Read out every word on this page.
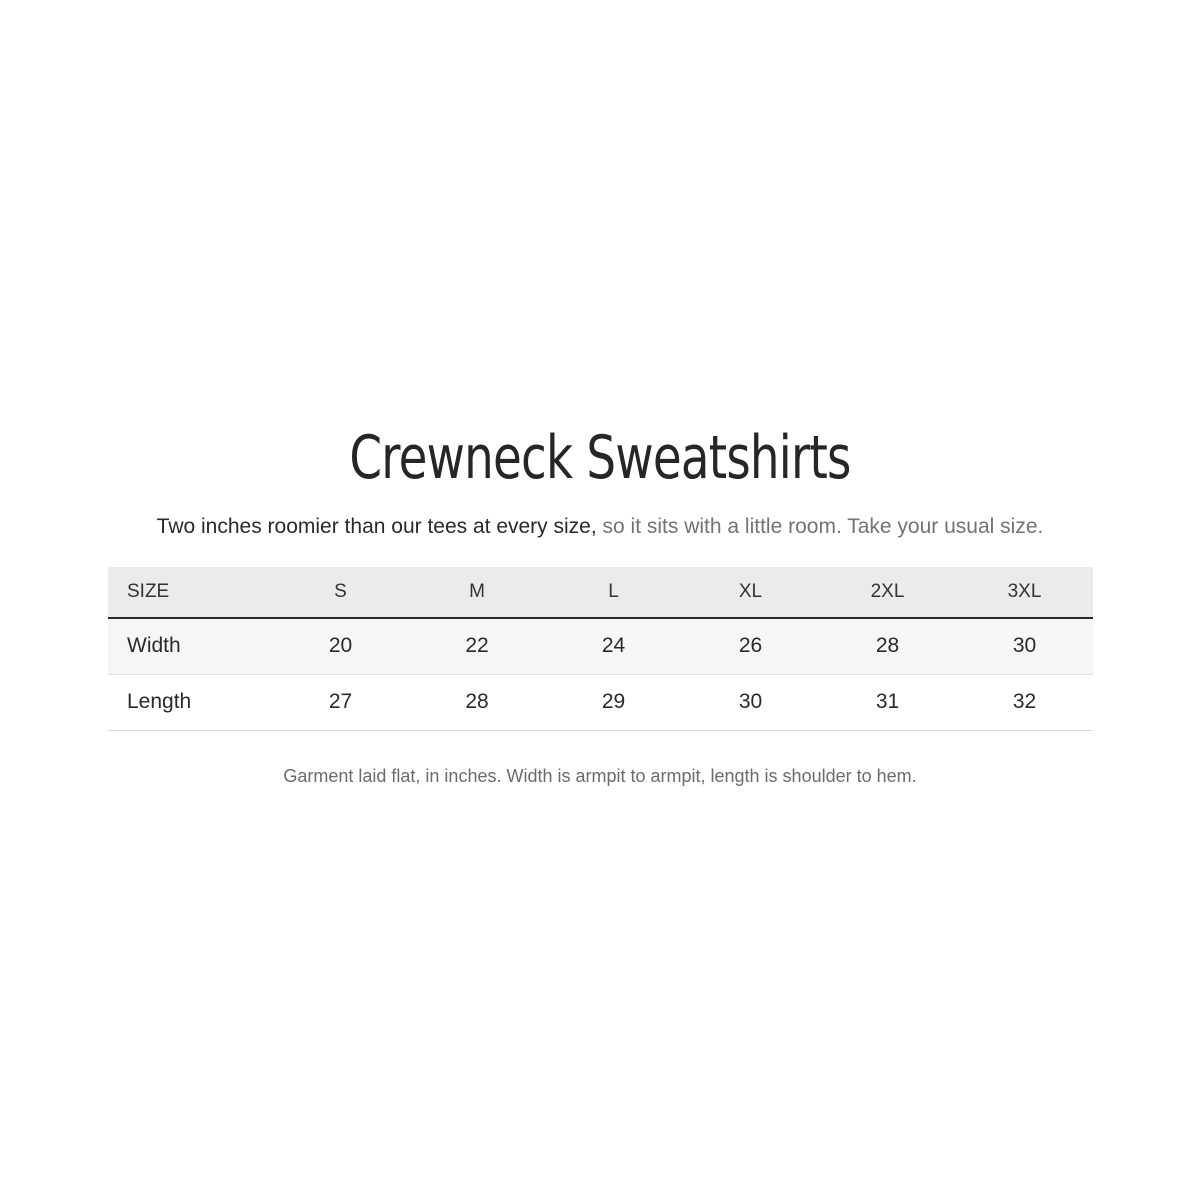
Crewneck Sweatshirts
Two inches roomier than our tees at every size, so it sits with a little room. Take your usual size.
SIZE	S	M	L	XL	2XL	3XL
Width	20	22	24	26	28	30
Length	27	28	29	30	31	32
Garment laid flat, in inches. Width is armpit to armpit, length is shoulder to hem.
